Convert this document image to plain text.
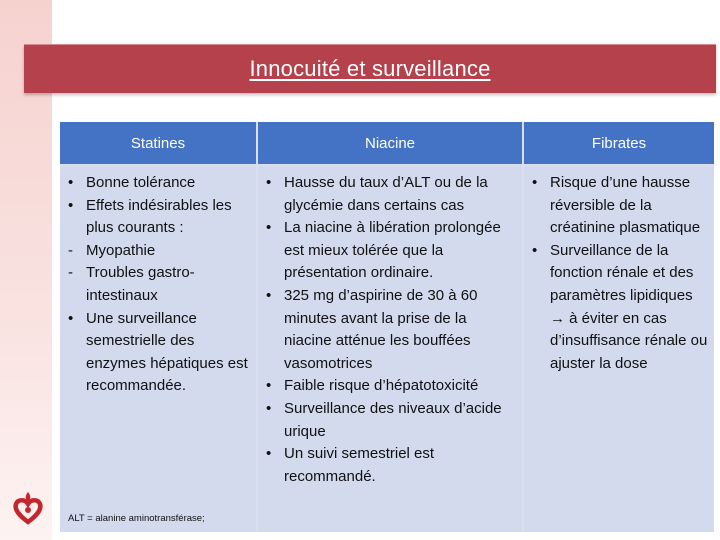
Innocuité et surveillance
Statines
• Bonne tolérance
• Effets indésirables les plus courants :
- Myopathie
- Troubles gastro-intestinaux
• Une surveillance semestrielle des enzymes hépatiques est recommandée.
ALT = alanine aminotransférase;
Niacine
• Hausse du taux d’ALT ou de la glycémie dans certains cas
• La niacine à libération prolongée est mieux tolérée que la présentation ordinaire.
• 325 mg d’aspirine de 30 à 60 minutes avant la prise de la niacine atténue les bouffées vasomotrices
• Faible risque d’hépatotoxicité
• Surveillance des niveaux d’acide urique
• Un suivi semestriel est recommandé.
Fibrates
• Risque d’une hausse réversible de la créatinine plasmatique
• Surveillance de la fonction rénale et des paramètres lipidiques → à éviter en cas d’insuffisance rénale ou ajuster la dose
